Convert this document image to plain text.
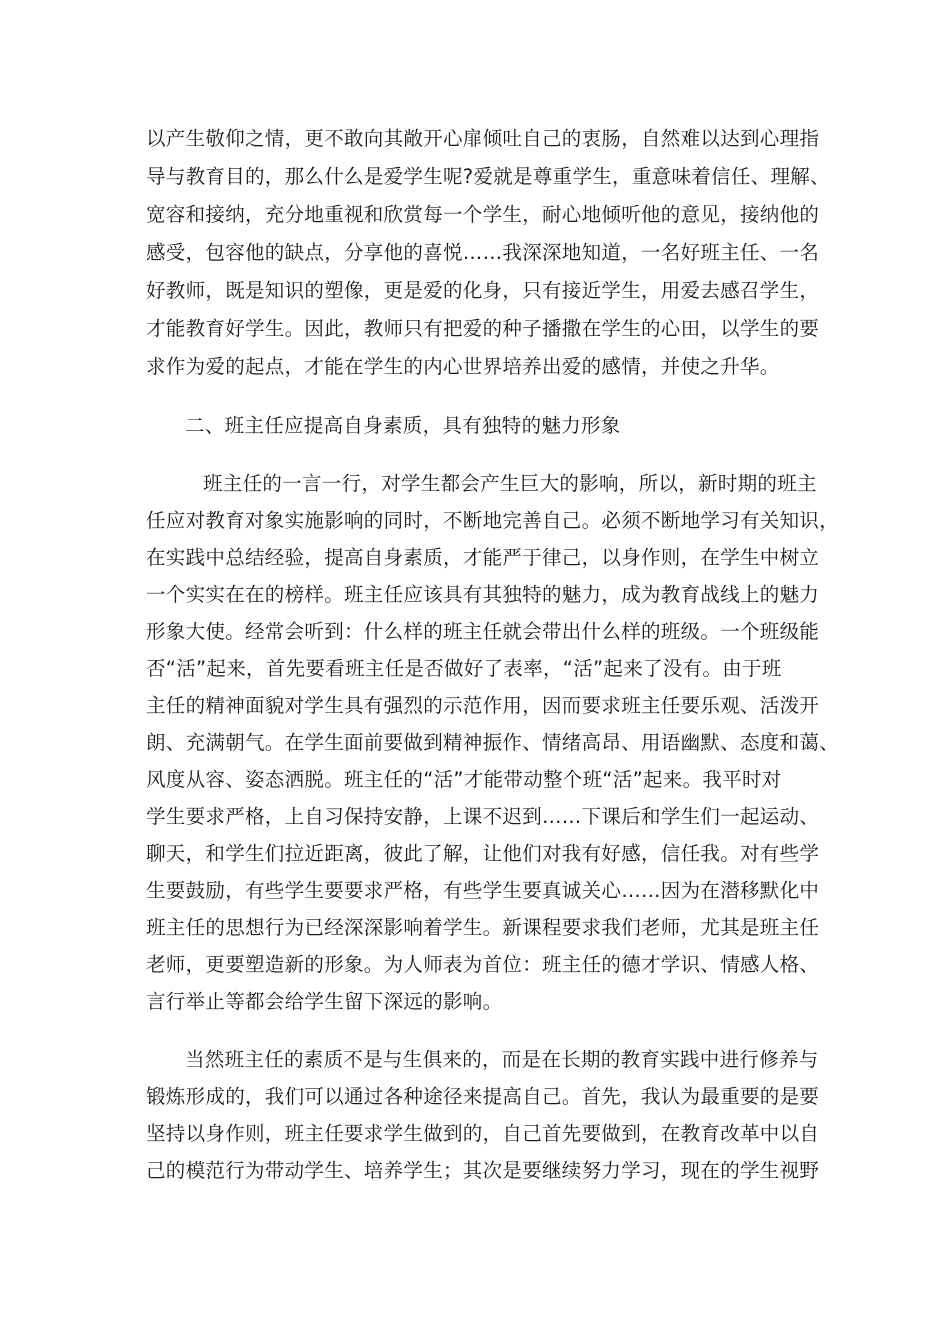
以产生敬仰之情，更不敢向其敞开心扉倾吐自己的衷肠，自然难以达到心理指
导与教育目的，那么什么是爱学生呢?爱就是尊重学生，重意味着信任、理解、
宽容和接纳，充分地重视和欣赏每一个学生，耐心地倾听他的意见，接纳他的
感受，包容他的缺点，分享他的喜悦……我深深地知道，一名好班主任、一名
好教师，既是知识的塑像，更是爱的化身，只有接近学生，用爱去感召学生，
才能教育好学生。因此，教师只有把爱的种子播撒在学生的心田，以学生的要
求作为爱的起点，才能在学生的内心世界培养出爱的感情，并使之升华。
二、班主任应提高自身素质，具有独特的魅力形象
班主任的一言一行，对学生都会产生巨大的影响，所以，新时期的班主
任应对教育对象实施影响的同时，不断地完善自己。必须不断地学习有关知识，
在实践中总结经验，提高自身素质，才能严于律己，以身作则，在学生中树立
一个实实在在的榜样。班主任应该具有其独特的魅力，成为教育战线上的魅力
形象大使。经常会听到：什么样的班主任就会带出什么样的班级。一个班级能
否“活”起来，首先要看班主任是否做好了表率，“活”起来了没有。由于班
主任的精神面貌对学生具有强烈的示范作用，因而要求班主任要乐观、活泼开
朗、充满朝气。在学生面前要做到精神振作、情绪高昂、用语幽默、态度和蔼、
风度从容、姿态洒脱。班主任的“活”才能带动整个班“活”起来。我平时对
学生要求严格，上自习保持安静，上课不迟到……下课后和学生们一起运动、
聊天，和学生们拉近距离，彼此了解，让他们对我有好感，信任我。对有些学
生要鼓励，有些学生要要求严格，有些学生要真诚关心……因为在潜移默化中
班主任的思想行为已经深深影响着学生。新课程要求我们老师，尤其是班主任
老师，更要塑造新的形象。为人师表为首位：班主任的德才学识、情感人格、
言行举止等都会给学生留下深远的影响。
当然班主任的素质不是与生俱来的，而是在长期的教育实践中进行修养与
锻炼形成的，我们可以通过各种途径来提高自己。首先，我认为最重要的是要
坚持以身作则，班主任要求学生做到的，自己首先要做到，在教育改革中以自
己的模范行为带动学生、培养学生；其次是要继续努力学习，现在的学生视野
